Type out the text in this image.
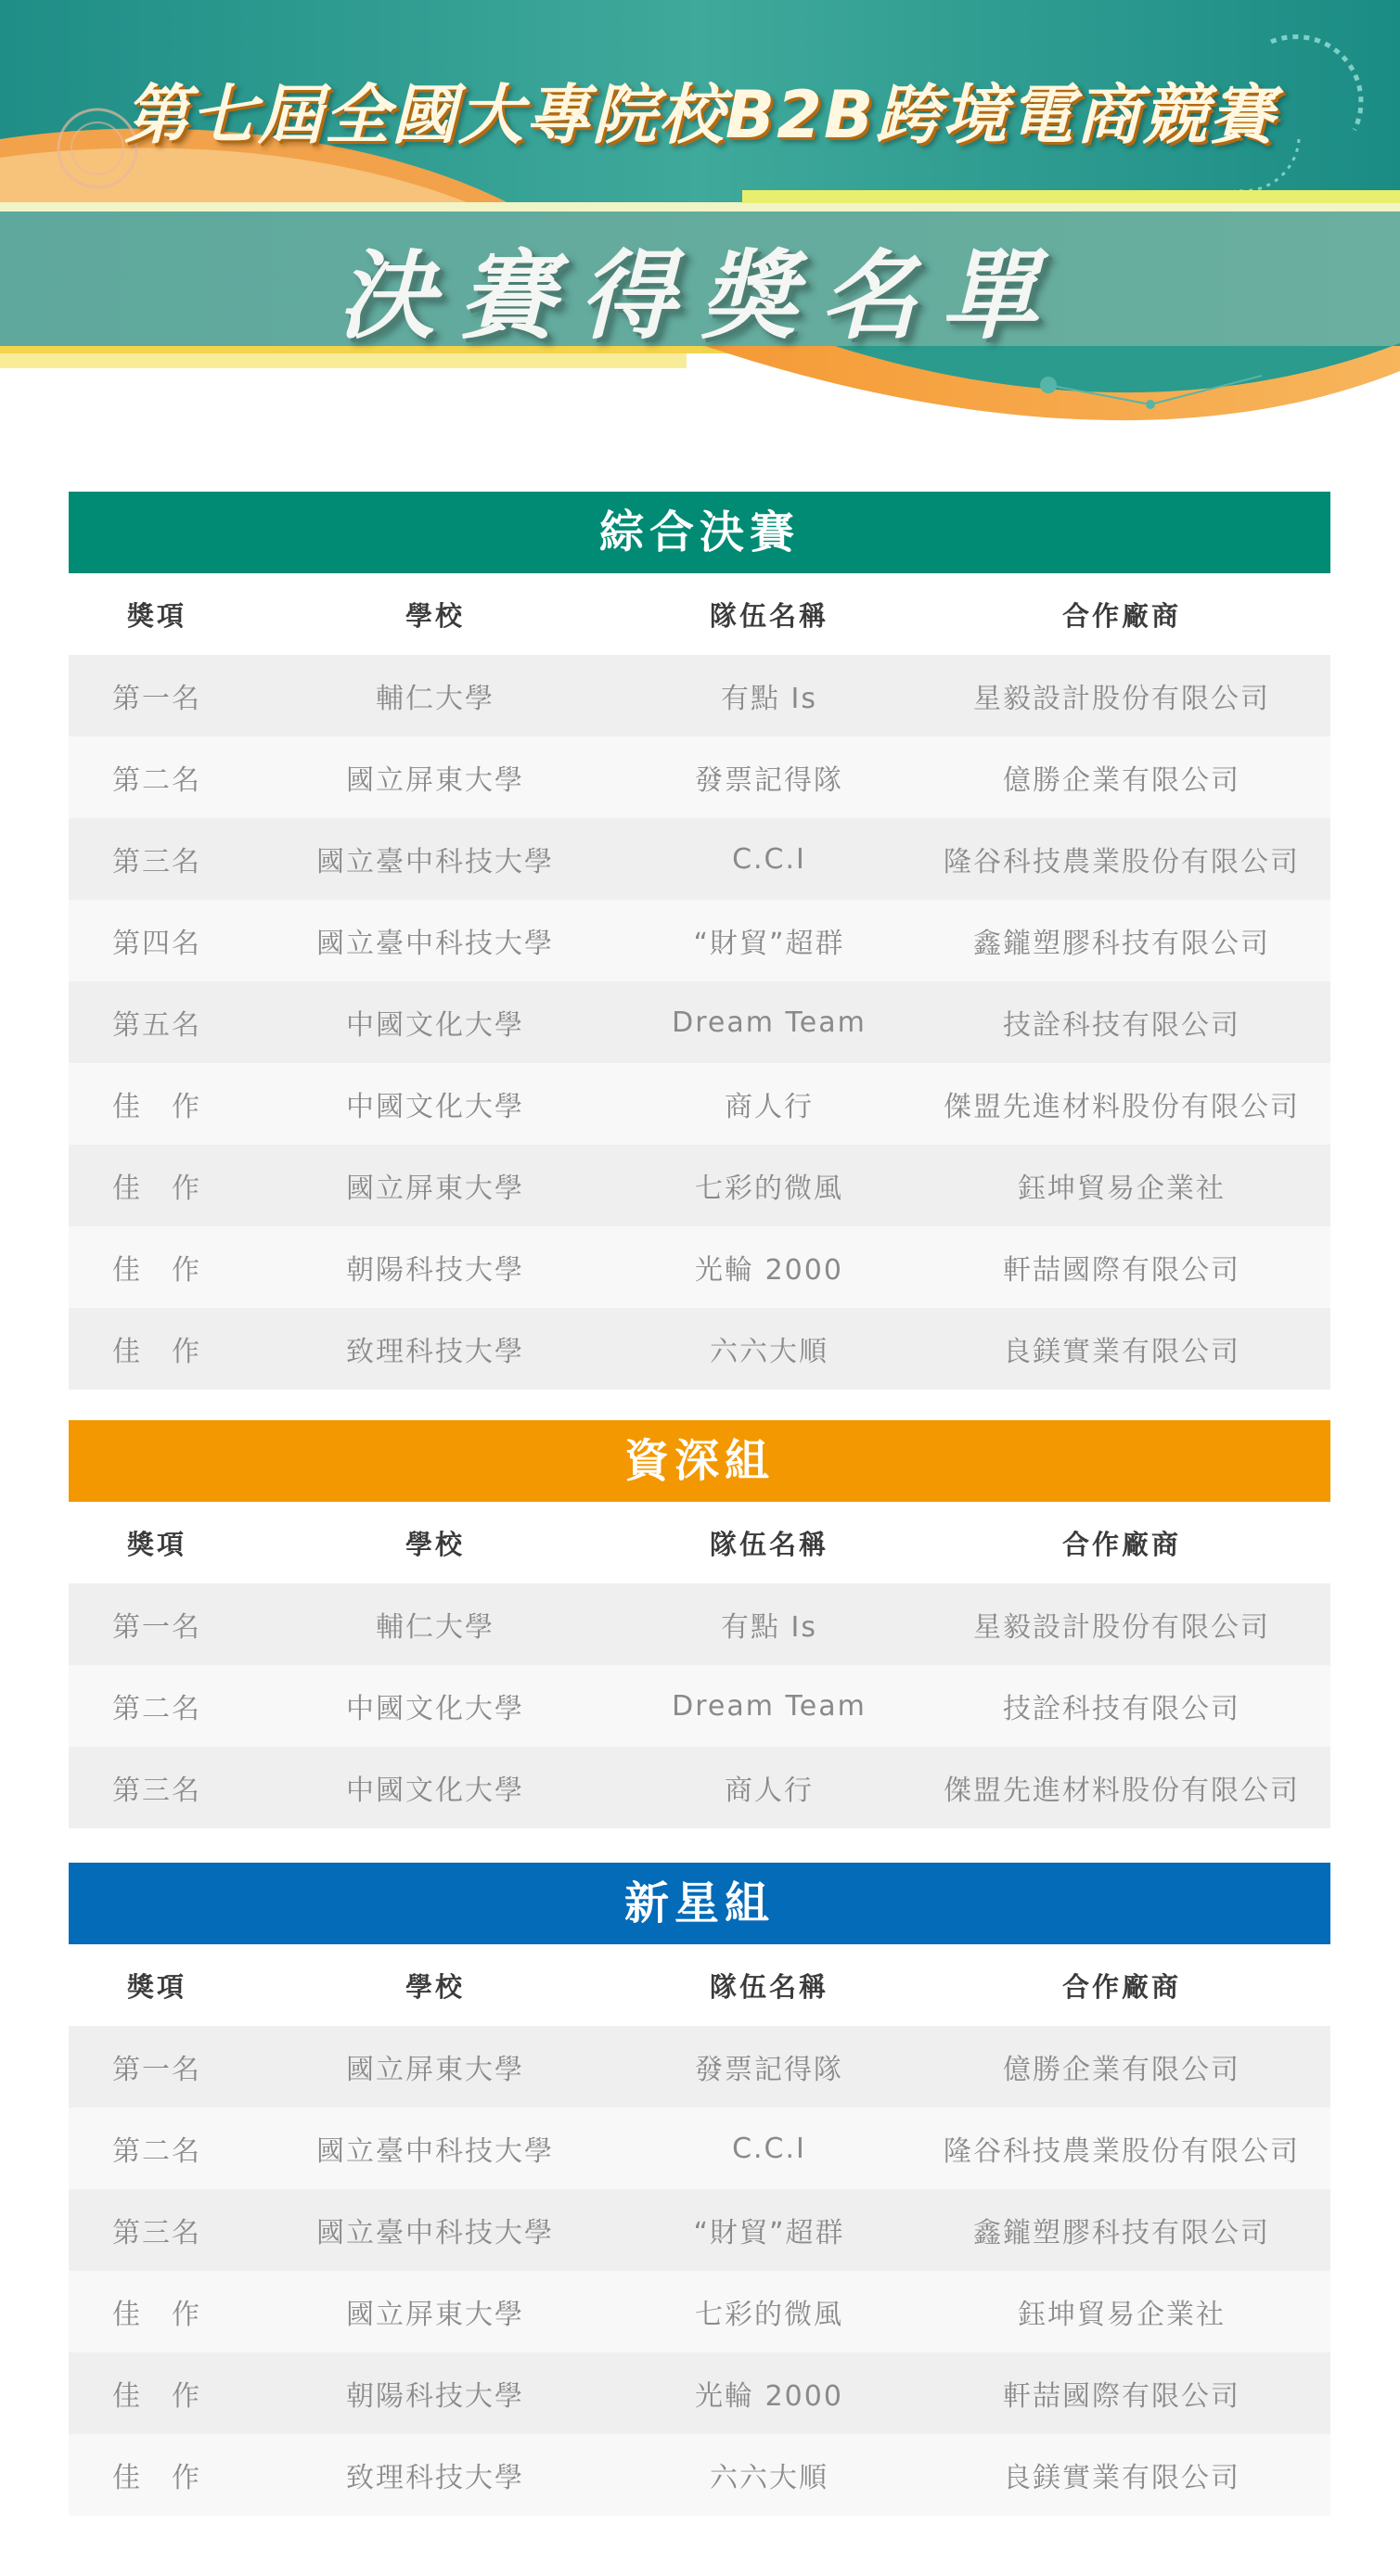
第七屆全國大專院校B2B跨境電商競賽
決賽得獎名單
綜合決賽
獎項	學校	隊伍名稱	合作廠商
第一名	輔仁大學	有點 Is	星毅設計股份有限公司
第二名	國立屏東大學	發票記得隊	億勝企業有限公司
第三名	國立臺中科技大學	C.C.I	隆谷科技農業股份有限公司
第四名	國立臺中科技大學	“財貿”超群	鑫鑨塑膠科技有限公司
第五名	中國文化大學	Dream Team	技詮科技有限公司
佳　作	中國文化大學	商人行	傑盟先進材料股份有限公司
佳　作	國立屏東大學	七彩的微風	鈺坤貿易企業社
佳　作	朝陽科技大學	光輪 2000	軒喆國際有限公司
佳　作	致理科技大學	六六大順	良鎂實業有限公司
資深組
獎項	學校	隊伍名稱	合作廠商
第一名	輔仁大學	有點 Is	星毅設計股份有限公司
第二名	中國文化大學	Dream Team	技詮科技有限公司
第三名	中國文化大學	商人行	傑盟先進材料股份有限公司
新星組
獎項	學校	隊伍名稱	合作廠商
第一名	國立屏東大學	發票記得隊	億勝企業有限公司
第二名	國立臺中科技大學	C.C.I	隆谷科技農業股份有限公司
第三名	國立臺中科技大學	“財貿”超群	鑫鑨塑膠科技有限公司
佳　作	國立屏東大學	七彩的微風	鈺坤貿易企業社
佳　作	朝陽科技大學	光輪 2000	軒喆國際有限公司
佳　作	致理科技大學	六六大順	良鎂實業有限公司
